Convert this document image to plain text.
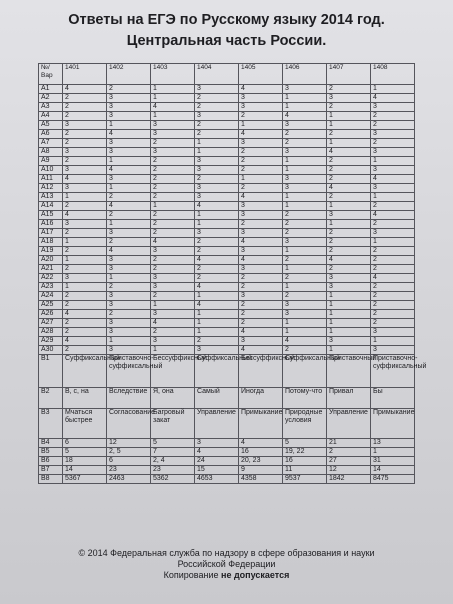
Ответы на ЕГЭ по Русскому языку 2014 год.
Центральная часть России.
№/ Вар	1401	1402	1403	1404	1405	1406	1407	1408
A1	4	2	1	3	4	3	2	1
A2	2	3	1	2	3	1	3	4
A3	2	3	4	2	3	1	2	3
A4	2	3	1	3	2	4	1	2
A5	3	1	3	2	1	3	1	2
A6	2	4	3	2	4	2	2	3
A7	2	3	2	1	3	2	1	2
A8	3	3	3	1	2	3	4	3
A9	2	1	2	3	2	1	2	1
A10	3	4	2	3	2	1	2	3
A11	4	3	2	2	1	3	2	4
A12	3	1	2	3	2	3	4	3
A13	1	2	2	3	4	1	2	1
A14	2	4	1	4	3	1	1	2
A15	4	2	2	1	3	2	3	4
A16	3	1	2	1	2	2	1	2
A17	2	3	2	3	3	2	2	3
A18	1	2	4	2	4	3	2	1
A19	2	4	3	2	3	1	2	2
A20	1	3	2	4	4	2	4	2
A21	2	3	2	2	3	1	2	2
A22	3	1	3	2	2	2	3	4
A23	1	2	3	4	2	1	3	2
A24	2	3	2	1	3	2	1	2
A25	2	3	1	4	2	3	1	2
A26	4	2	3	1	2	3	1	2
A27	2	3	4	1	2	1	1	2
A28	2	3	2	1	4	1	1	3
A29	4	1	3	2	3	4	3	1
A30	2	3	1	3	4	2	1	3
B1	Суффиксальный	Приставочно-суффиксальный	Бессуффиксный	Суффиксальный	Бессуффиксный	Суффиксальный	Приставочный	Приставочно-суффиксальный
B2	В, с, на	Вследствие	Я, она	Самый	Иногда	Потому-что	Привал	Бы
B3	Мчаться быстрее	Согласование	Багровый закат	Управление	Примыкание	Природные условия	Управление	Примыкание
B4	6	12	5	3	4	5	21	13
B5	5	2, 5	7	4	16	19, 22	2	1
B6	18	6	2, 4	24	20, 23	16	27	31
B7	14	23	23	15	9	11	12	14
B8	5367	2463	5362	4653	4358	9537	1842	8475
© 2014 Федеральная служба по надзору в сфере образования и науки
Российской Федерации
Копирование не допускается
